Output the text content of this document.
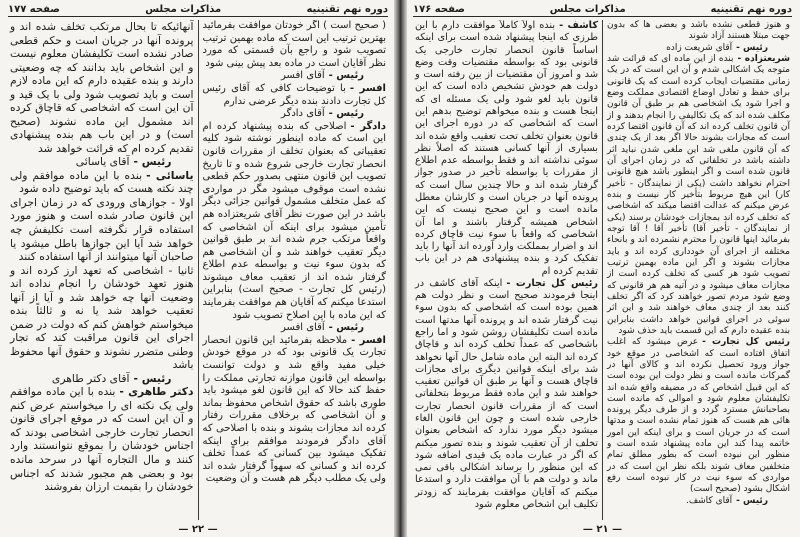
دوره نهم تقنینیه
مذاکرات مجلس
صفحه ۱۷۷

( صحیح است ) اگر خودتان موافقت بفرمائید بهترین ترتیب این است که ماده بهمین ترتیب تصویب شود و راجع بآن قسمتی که مورد نظر آقایان است در ماده بعد پیش بینی شود

رئیس -آقای افسر

افسر -با توضیحات کافی که آقای رئیس کل تجارت دادند بنده دیگر عرضی ندارم

رئیس -آقای دادگر

دادگر -اصلاحی که بنده پیشنهاد کرده ام این است که ماده اینطور نوشته شود کلیه تعقیباتی که بعنوان تخلف از مقررات قانون انحصار تجارت خارجی شروع شده و تا تاریخ تصویب این قانون منتهی بصدور حکم قطعی نشده است موقوف میشود مگر در مواردی که عمل متخلف مشمول قوانین جزائی دیگر باشد در این صورت نظر آقای شریعتزاده هم تأمین میشود برای اینکه آن اشخاصی که واقعاً مرتکب جرم شده اند بر طبق قوانین دیگر تعقیب خواهند شد و آن اشخاصی هم که بدون سوء نیت و بواسطه عدم اطلاع گرفتار شده اند از تعقیب معاف میشوند (رئیس کل تجارت - صحیح است) بنابراین استدعا میکنم که آقایان هم موافقت بفرمایند که این ماده با این اصلاح تصویب شود

رئیس -آقای افسر

افسر -ملاحظه بفرمائید این قانون انحصار تجارت یک قانونی بود که در موقع خودش خیلی مفید واقع شد و دولت توانست بواسطه این قانون موازنه تجارتی مملکت را حفظ کند حالا که این قانون لغو میشود باید طوری باشد که حقوق اشخاص محفوظ بماند و آن اشخاصی که برخلاف مقررات رفتار کرده اند مجازات بشوند و بنده با اصلاحی که آقای دادگر فرمودند موافقم برای اینکه تفکیک میشود بین کسانی که عمداً تخلف کرده اند و کسانی که سهواً گرفتار شده اند ولی یک مطلب دیگر هم هست و آن وضعیت

آنهائیکه تا بحال مرتکب تخلف شده اند و پرونده آنها در جریان است و حکم قطعی صادر نشده است تکلیفشان معلوم نیست و این اشخاص باید بدانند که چه وضعیتی دارند و بنده عقیده دارم که این ماده لازم است و باید تصویب شود ولی با یک قید و آن این است که اشخاصی که قاچاق کرده اند مشمول این ماده نشوند (صحیح است) و در این باب هم بنده پیشنهادی تقدیم کرده ام که قرائت خواهد شد

رئیس -آقای یاسائی

یاسائی -بنده با این ماده موافقم ولی چند نکته هست که باید توضیح داده شود

اولا - جوازهای ورودی که در زمان اجرای این قانون صادر شده است و هنوز مورد استفاده قرار نگرفته است تکلیفش چه خواهد شد آیا این جوازها باطل میشود یا صاحبان آنها میتوانند از آنها استفاده کنند

ثانیا - اشخاصی که تعهد ارز کرده اند و هنوز تعهد خودشان را انجام نداده اند وضعیت آنها چه خواهد شد و آیا از آنها تعقیب خواهد شد یا نه و ثالثاً بنده میخواستم خواهش کنم که دولت در ضمن اجرای این قانون مراقبت کند که تجار وطنی متضرر نشوند و حقوق آنها محفوظ باشد

رئیس -آقای دکتر طاهری

دکتر طاهری -بنده با این ماده موافقم ولی یک نکته ای را میخواستم عرض کنم و آن این است که در موقع اجرای قانون انحصار تجارت خارجی اشخاصی بودند که اجناس خودشان را بموقع نتوانستند وارد کنند و مال التجاره آنها در سرحد مانده بود و بعضی هم مجبور شدند که اجناس خودشان را بقیمت ارزان بفروشند

— ۲۲ —
دوره نهم تقنینیه
مذاکرات مجلس
صفحه ۱۷۶

و هنوز قطعی نشده باشد و بعضی ها که بدون جهت مبتلا هستند آزاد شوند

رئیس -آقای شریعت زاده

شریعتزاده -بنده از این ماده ای که قرائت شد متوجه یک اشکالی شدم و آن این است که در یک زمانی مقتضیات ایجاب کرده است که یک قانونی برای حفظ و تعادل اوضاع اقتصادی مملکت وضع و اجرا شود یک اشخاصی هم بر طبق آن قانون مکلف شده اند که یک تکالیفی را انجام بدهند و از آن قانون تخلف کرده اند که آن قانون اقتضا کرده است که مجازات بشوند حالا اگر بعد از یک چندی که آن قانون ملغی شد این ملغی شدن نباید اثر داشته باشد در تخلفاتی که در زمان اجرای آن قانون شده است و اگر اینطور باشد هیچ قانونی احترام نخواهد داشت (یکی از نمایندگان - تأخیر کار) این هیچ مربوط بتأخیر کار نیست و بنده عرض میکنم که عدالت اقتضا میکند که اشخاصی که تخلف کرده اند بمجازات خودشان برسند (یکی از نمایندگان - تأخیر آقا) تأخیر آقا ! آقا توجه بفرمائید اینها قانون را محترم نشمرده اند و بانحاء مختلفه از اجرای آن خودداری کرده اند و باید مجازات بشوند و اگر این ماده بهمین ترتیب تصویب شود هر کسی که تخلف کرده است از مجازات معاف میشود و در آتیه هم هر قانونی که وضع شود مردم تصور خواهند کرد که اگر تخلف کنند بعد از چندی معاف خواهند شد و این اثر سوئی در اجرای قوانین خواهد داشت بنابراین بنده عقیده دارم که این قسمت باید حذف شود

رئیس کل تجارت -عرض میشود که اغلب اتفاق افتاده است که اشخاصی در موقع خود جواز ورود تحصیل نکرده اند و کالای آنها در گمرکات مانده است و نظر دولت این بوده است که این قبیل اشخاص که در مضیقه واقع شده اند تکلیفشان معلوم شود و اموالی که مانده است بصاحبانش مسترد گردد و از طرف دیگر پرونده هائی هم هست که هنوز تمام نشده است و مدتها است که در جریان است و برای اینکه این امور خاتمه پیدا کند این ماده پیشنهاد شده است و منظور این نبوده است که بطور مطلق تمام متخلفین معاف شوند بلکه نظر این است که در مواردی که سوء نیت در کار نبوده است رفع اشکال بشود (صحیح است)

رئیس -آقای کاشف.

کاشف -بنده اولاً کاملاً موافقت دارم با این طرزی که اینجا پیشنهاد شده است برای اینکه اساساً قانون انحصار تجارت خارجی یک قانونی بود که بواسطه مقتضیات وقت وضع شد و امروز آن مقتضیات از بین رفته است و دولت هم خودش تشخیص داده است که این قانون باید لغو شود ولی یک مسئله ای که اینجا هست و بنده میخواهم توضیح بدهم این است که اشخاصی که در دوره اجرای این قانون بعنوان تخلف تحت تعقیب واقع شده اند بسیاری از آنها کسانی هستند که اصلاً نظر سوئی نداشته اند و فقط بواسطه عدم اطلاع از مقررات یا بواسطه تأخیر در صدور جواز گرفتار شده اند و حالا چندین سال است که پرونده آنها در جریان است و کارشان معطل مانده است و این صحیح نیست که این اشخاص همیشه گرفتار باشند و اما آن اشخاصی که واقعاً با سوء نیت قاچاق کرده اند و اضرار بمملکت وارد آورده اند آنها را باید تفکیک کرد و بنده پیشنهادی هم در این باب تقدیم کرده ام

رئیس کل تجارت -اینکه آقای کاشف در اینجا فرمودند صحیح است و نظر دولت هم همین بوده است که اشخاصی که بدون سوء نیت گرفتار شده اند و پرونده آنها مدتها است مانده است تکلیفشان روشن شود و اما راجع باشخاصی که عمداً تخلف کرده اند و قاچاق کرده اند البته این ماده شامل حال آنها نخواهد شد برای اینکه قوانین دیگری برای مجازات قاچاق هست و آنها بر طبق آن قوانین تعقیب خواهند شد و این ماده فقط مربوط بتخلفاتی است که از مقررات قانون انحصار تجارت خارجی شده است و چون این قانون الغاء میشود دیگر مورد ندارد که اشخاص بعنوان تخلف از آن تعقیب شوند و بنده تصور میکنم که اگر در عبارت ماده یک قیدی اضافه شود که این منظور را برساند اشکالی باقی نمی ماند و دولت هم با آن موافقت دارد و استدعا میکنم که آقایان موافقت بفرمایند که زودتر تکلیف این اشخاص معلوم شود

— ۲۱ —
